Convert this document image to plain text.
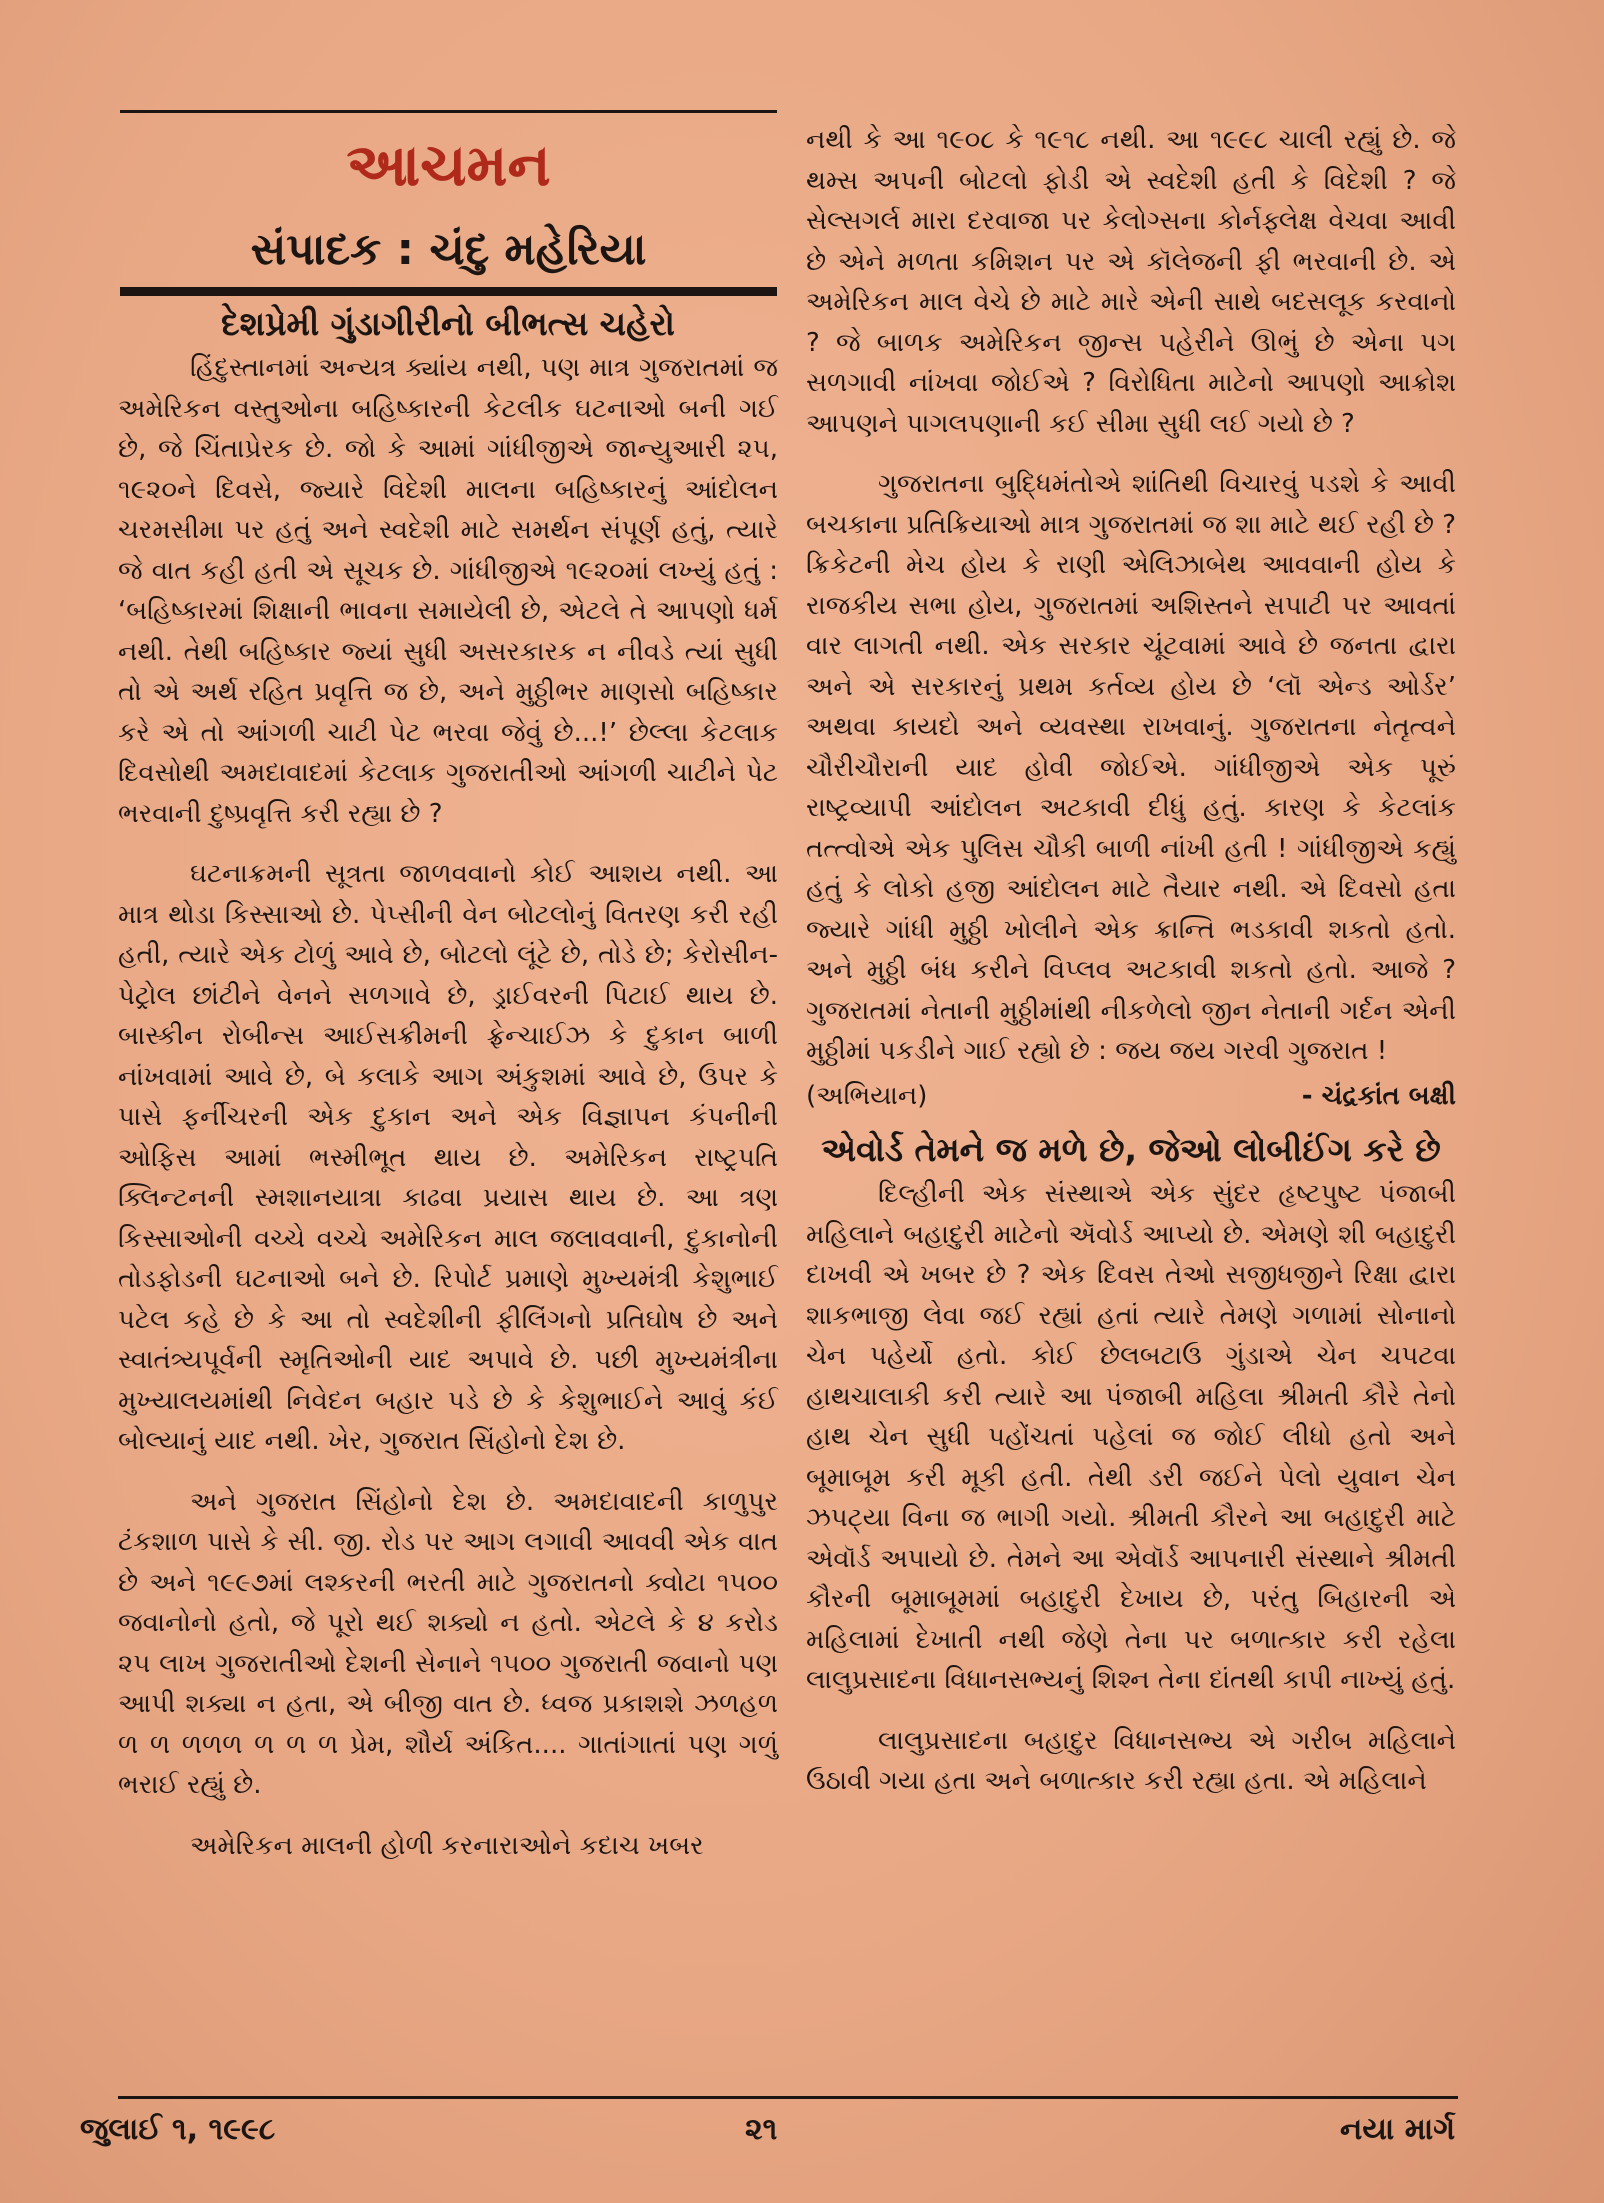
આચમન
સંપાદક : ચંદુ મહેરિયા
દેશપ્રેમી ગુંડાગીરીનો બીભત્સ ચહેરો

હિંદુસ્તાનમાં અન્યત્ર ક્યાંય નથી, પણ માત્ર ગુજરાતમાં જ અમેરિકન વસ્તુઓના બહિષ્કારની કેટલીક ઘટનાઓ બની ગઈ છે, જે ચિંતાપ્રેરક છે. જો કે આમાં ગાંધીજીએ જાન્યુઆરી ૨૫, ૧૯૨૦ને દિવસે, જ્યારે વિદેશી માલના બહિષ્કારનું આંદોલન ચરમસીમા પર હતું અને સ્વદેશી માટે સમર્થન સંપૂર્ણ હતું, ત્યારે જે વાત કહી હતી એ સૂચક છે. ગાંધીજીએ ૧૯૨૦માં લખ્યું હતું : ‘બહિષ્કારમાં શિક્ષાની ભાવના સમાયેલી છે, એટલે તે આપણો ધર્મ નથી. તેથી બહિષ્કાર જ્યાં સુધી અસરકારક ન નીવડે ત્યાં સુધી તો એ અર્થ રહિત પ્રવૃત્તિ જ છે, અને મુઠ્ઠીભર માણસો બહિષ્કાર કરે એ તો આંગળી ચાટી પેટ ભરવા જેવું છે...!’ છેલ્લા કેટલાક દિવસોથી અમદાવાદમાં કેટલાક ગુજરાતીઓ આંગળી ચાટીને પેટ ભરવાની દુષ્પ્રવૃત્તિ કરી રહ્યા છે ?

ઘટનાક્રમની સૂત્રતા જાળવવાનો કોઈ આશય નથી. આ માત્ર થોડા કિસ્સાઓ છે. પેપ્સીની વેન બોટલોનું વિતરણ કરી રહી હતી, ત્યારે એક ટોળું આવે છે, બોટલો લૂંટે છે, તોડે છે; કેરોસીન-પેટ્રોલ છાંટીને વેનને સળગાવે છે, ડ્રાઈવરની પિટાઈ થાય છે. બાસ્કીન રોબીન્સ આઈસક્રીમની ફ્રેન્ચાઈઝ કે દુકાન બાળી નાંખવામાં આવે છે, બે કલાકે આગ અંકુશમાં આવે છે, ઉપર કે પાસે ફર્નીચરની એક દુકાન અને એક વિજ્ઞાપન કંપનીની ઓફિસ આમાં ભસ્મીભૂત થાય છે. અમેરિકન રાષ્ટ્રપતિ ક્લિન્ટનની સ્મશાનયાત્રા કાઢવા પ્રયાસ થાય છે. આ ત્રણ કિસ્સાઓની વચ્ચે વચ્ચે અમેરિકન માલ જલાવવાની, દુકાનોની તોડફોડની ઘટનાઓ બને છે. રિપોર્ટ પ્રમાણે મુખ્યમંત્રી કેશુભાઈ પટેલ કહે છે કે આ તો સ્વદેશીની ફીલિંગનો પ્રતિઘોષ છે અને સ્વાતંત્ર્યપૂર્વની સ્મૃતિઓની યાદ અપાવે છે. પછી મુખ્યમંત્રીના મુખ્યાલયમાંથી નિવેદન બહાર પડે છે કે કેશુભાઈને આવું કંઈ બોલ્યાનું યાદ નથી. ખેર, ગુજરાત સિંહોનો દેશ છે.

અને ગુજરાત સિંહોનો દેશ છે. અમદાવાદની કાળુપુર ટંકશાળ પાસે કે સી. જી. રોડ પર આગ લગાવી આવવી એક વાત છે અને ૧૯૯૭માં લશ્કરની ભરતી માટે ગુજરાતનો ક્વોટા ૧૫૦૦ જવાનોનો હતો, જે પૂરો થઈ શક્યો ન હતો. એટલે કે ૪ કરોડ ૨૫ લાખ ગુજરાતીઓ દેશની સેનાને ૧૫૦૦ ગુજરાતી જવાનો પણ આપી શક્યા ન હતા, એ બીજી વાત છે. ધ્વજ પ્રકાશશે ઝળહળ ળ ળ ળળળ ળ ળ ળ પ્રેમ, શૌર્ય અંકિત.... ગાતાંગાતાં પણ ગળું ભરાઈ રહ્યું છે.

અમેરિકન માલની હોળી કરનારાઓને કદાચ ખબર

નથી કે આ ૧૯૦૮ કે ૧૯૧૮ નથી. આ ૧૯૯૮ ચાલી રહ્યું છે. જે થમ્સ અપની બોટલો ફોડી એ સ્વદેશી હતી કે વિદેશી ? જે સેલ્સગર્લ મારા દરવાજા પર કેલોગ્સના કોર્નફ્લેક્ષ વેચવા આવી છે એને મળતા કમિશન પર એ કૉલેજની ફી ભરવાની છે. એ અમેરિકન માલ વેચે છે માટે મારે એની સાથે બદસલૂક કરવાનો ? જે બાળક અમેરિકન જીન્સ પહેરીને ઊભું છે એના પગ સળગાવી નાંખવા જોઈએ ? વિરોધિતા માટેનો આપણો આક્રોશ આપણને પાગલપણાની કઈ સીમા સુધી લઈ ગયો છે ?

ગુજરાતના બુદ્ધિમંતોએ શાંતિથી વિચારવું પડશે કે આવી બચકાના પ્રતિક્રિયાઓ માત્ર ગુજરાતમાં જ શા માટે થઈ રહી છે ? ક્રિકેટની મેચ હોય કે રાણી એલિઝાબેથ આવવાની હોય કે રાજકીય સભા હોય, ગુજરાતમાં અશિસ્તને સપાટી પર આવતાં વાર લાગતી નથી. એક સરકાર ચૂંટવામાં આવે છે જનતા દ્વારા અને એ સરકારનું પ્રથમ કર્તવ્ય હોય છે ‘લૉ એન્ડ ઓર્ડર’ અથવા કાયદો અને વ્યવસ્થા રાખવાનું. ગુજરાતના નેતૃત્વને ચૌરીચૌરાની યાદ હોવી જોઈએ. ગાંધીજીએ એક પૂરું રાષ્ટ્રવ્યાપી આંદોલન અટકાવી દીધું હતું. કારણ કે કેટલાંક તત્ત્વોએ એક પુલિસ ચૌકી બાળી નાંખી હતી ! ગાંધીજીએ કહ્યું હતું કે લોકો હજી આંદોલન માટે તૈયાર નથી. એ દિવસો હતા જ્યારે ગાંધી મુઠ્ઠી ખોલીને એક ક્રાન્તિ ભડકાવી શકતો હતો. અને મુઠ્ઠી બંધ કરીને વિપ્લવ અટકાવી શકતો હતો. આજે ? ગુજરાતમાં નેતાની મુઠ્ઠીમાંથી નીકળેલો જીન નેતાની ગર્દન એની મુઠ્ઠીમાં પકડીને ગાઈ રહ્યો છે : જય જય ગરવી ગુજરાત !

(અભિયાન)	- ચંદ્રકાંત બક્ષી
એવોર્ડ તેમને જ મળે છે, જેઓ લોબીઈંગ કરે છે

દિલ્હીની એક સંસ્થાએ એક સુંદર હૃષ્ટપુષ્ટ પંજાબી મહિલાને બહાદુરી માટેનો ઍવોર્ડ આપ્યો છે. એમણે શી બહાદુરી દાખવી એ ખબર છે ? એક દિવસ તેઓ સજીધજીને રિક્ષા દ્વારા શાકભાજી લેવા જઈ રહ્યાં હતાં ત્યારે તેમણે ગળામાં સોનાનો ચેન પહેર્યો હતો. કોઈ છેલબટાઉ ગુંડાએ ચેન ચપટવા હાથચાલાકી કરી ત્યારે આ પંજાબી મહિલા શ્રીમતી કૌરે તેનો હાથ ચેન સુધી પહોંચતાં પહેલાં જ જોઈ લીધો હતો અને બૂમાબૂમ કરી મૂકી હતી. તેથી ડરી જઈને પેલો યુવાન ચેન ઝપટ્યા વિના જ ભાગી ગયો. શ્રીમતી કૌરને આ બહાદુરી માટે એવૉર્ડ અપાયો છે. તેમને આ એવૉર્ડ આપનારી સંસ્થાને શ્રીમતી કૌરની બૂમાબૂમમાં બહાદુરી દેખાય છે, પરંતુ બિહારની એ મહિલામાં દેખાતી નથી જેણે તેના પર બળાત્કાર કરી રહેલા લાલુપ્રસાદના વિધાનસભ્યનું શિશ્ન તેના દાંતથી કાપી નાખ્યું હતું.

લાલુપ્રસાદના બહાદુર વિધાનસભ્ય એ ગરીબ મહિલાને ઉઠાવી ગયા હતા અને બળાત્કાર કરી રહ્યા હતા. એ મહિલાને

જુલાઈ ૧, ૧૯૯૮	૨૧	નયા માર્ગ
